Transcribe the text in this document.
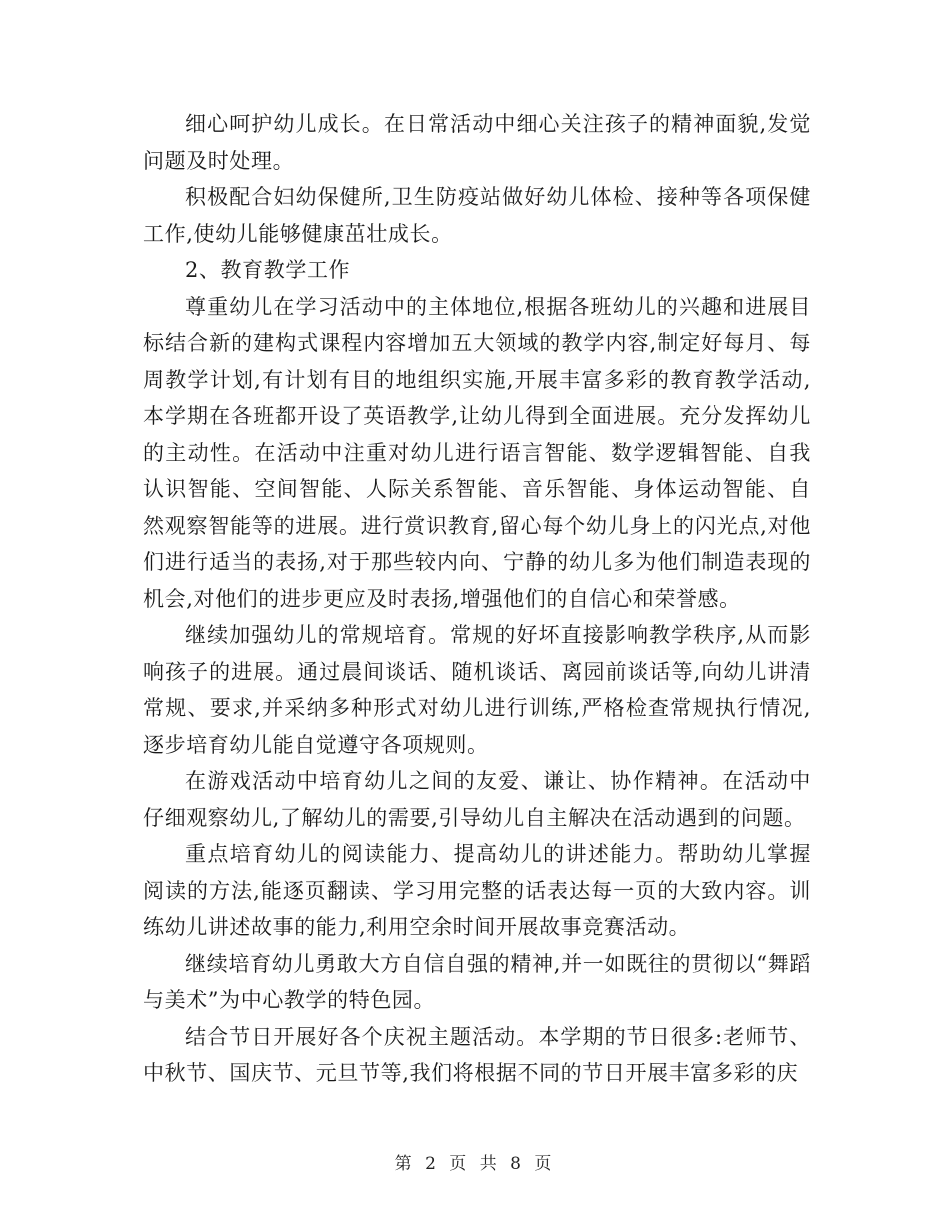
细心呵护幼儿成长。在日常活动中细心关注孩子的精神面貌,发觉问题及时处理。

积极配合妇幼保健所,卫生防疫站做好幼儿体检、接种等各项保健工作,使幼儿能够健康茁壮成长。

2、教育教学工作

尊重幼儿在学习活动中的主体地位,根据各班幼儿的兴趣和进展目标结合新的建构式课程内容增加五大领域的教学内容,制定好每月、每周教学计划,有计划有目的地组织实施,开展丰富多彩的教育教学活动,本学期在各班都开设了英语教学,让幼儿得到全面进展。充分发挥幼儿的主动性。在活动中注重对幼儿进行语言智能、数学逻辑智能、自我认识智能、空间智能、人际关系智能、音乐智能、身体运动智能、自然观察智能等的进展。进行赏识教育,留心每个幼儿身上的闪光点,对他们进行适当的表扬,对于那些较内向、宁静的幼儿多为他们制造表现的机会,对他们的进步更应及时表扬,增强他们的自信心和荣誉感。

继续加强幼儿的常规培育。常规的好坏直接影响教学秩序,从而影响孩子的进展。通过晨间谈话、随机谈话、离园前谈话等,向幼儿讲清常规、要求,并采纳多种形式对幼儿进行训练,严格检查常规执行情况,逐步培育幼儿能自觉遵守各项规则。

在游戏活动中培育幼儿之间的友爱、谦让、协作精神。在活动中仔细观察幼儿,了解幼儿的需要,引导幼儿自主解决在活动遇到的问题。

重点培育幼儿的阅读能力、提高幼儿的讲述能力。帮助幼儿掌握阅读的方法,能逐页翻读、学习用完整的话表达每一页的大致内容。训练幼儿讲述故事的能力,利用空余时间开展故事竞赛活动。

继续培育幼儿勇敢大方自信自强的精神,并一如既往的贯彻以“舞蹈与美术”为中心教学的特色园。

结合节日开展好各个庆祝主题活动。本学期的节日很多:老师节、中秋节、国庆节、元旦节等,我们将根据不同的节日开展丰富多彩的庆

第 2 页 共 8 页
